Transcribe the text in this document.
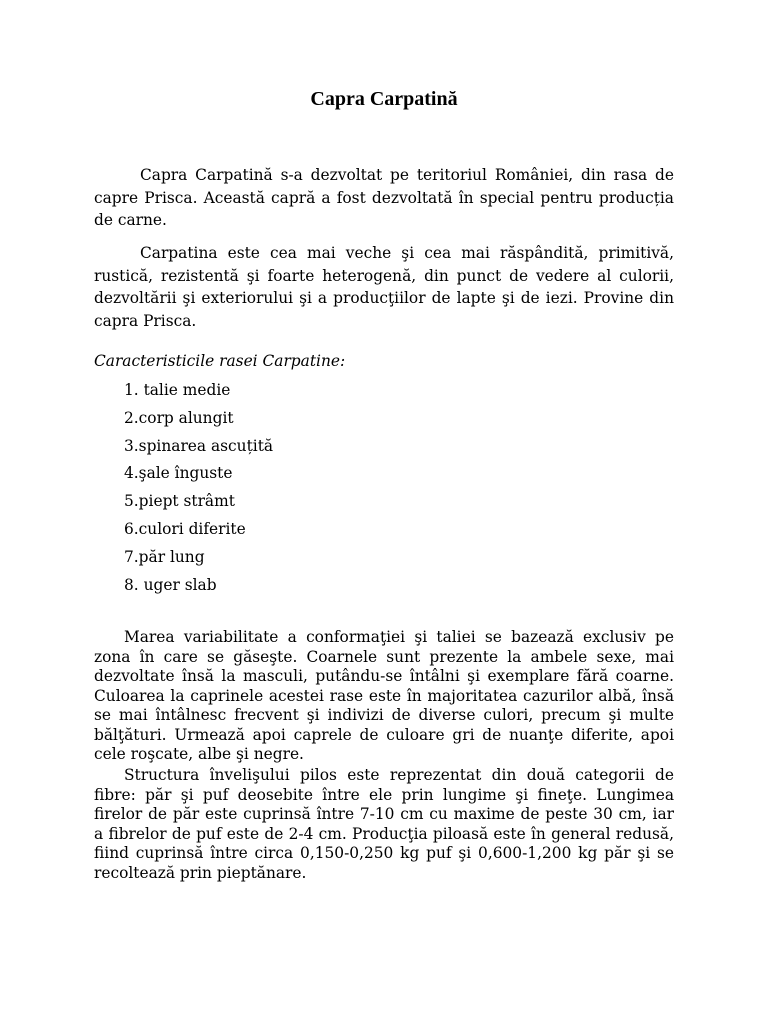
Capra Carpatină

Capra Carpatină s-a dezvoltat pe teritoriul României, din rasa de capre Prisca. Această capră a fost dezvoltată în special pentru producția de carne.

Carpatina este cea mai veche şi cea mai răspândită, primitivă, rustică, rezistentă şi foarte heterogenă, din punct de vedere al culorii, dezvoltării şi exteriorului şi a producţiilor de lapte şi de iezi. Provine din capra Prisca.

Caracteristicile rasei Carpatine:

1. talie medie
2.corp alungit
3.spinarea ascuțită
4.şale înguste
5.piept strâmt
6.culori diferite
7.păr lung
8. uger slab

Marea variabilitate a conformaţiei şi taliei se bazează exclusiv pe zona în care se găseşte. Coarnele sunt prezente la ambele sexe, mai dezvoltate însă la masculi, putându-se întâlni şi exemplare fără coarne. Culoarea la caprinele acestei rase este în majoritatea cazurilor albă, însă se mai întâlnesc frecvent şi indivizi de diverse culori, precum şi multe bălţături. Urmează apoi caprele de culoare gri de nuanţe diferite, apoi cele roşcate, albe şi negre.

Structura învelişului pilos este reprezentat din două categorii de fibre: păr şi puf deosebite între ele prin lungime şi fineţe. Lungimea firelor de păr este cuprinsă între 7-10 cm cu maxime de peste 30 cm, iar a fibrelor de puf este de 2-4 cm. Producţia piloasă este în general redusă, fiind cuprinsă între circa 0,150-0,250 kg puf şi 0,600-1,200 kg păr şi se recoltează prin pieptănare.
